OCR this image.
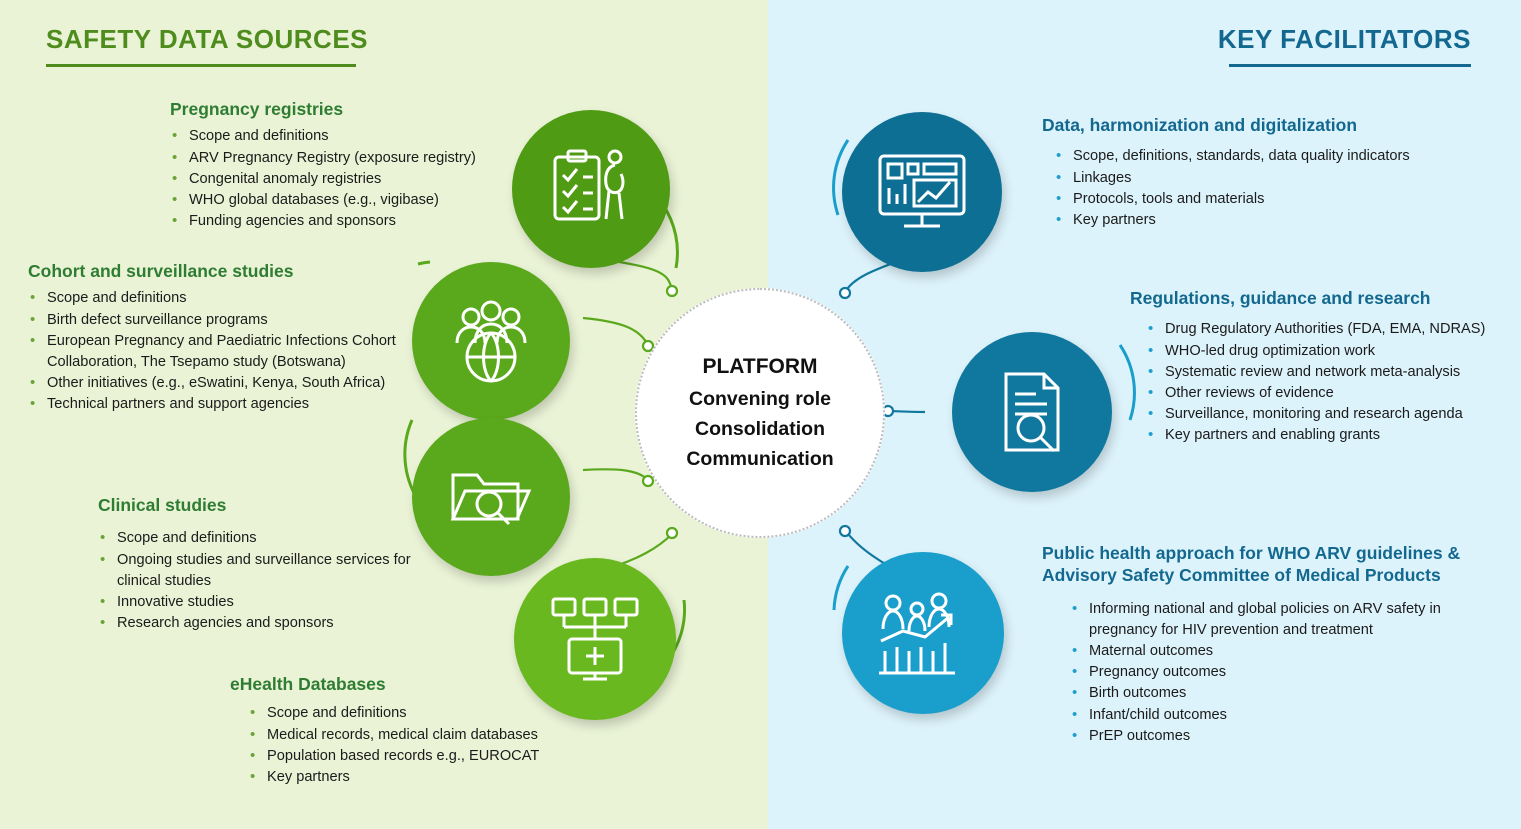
SAFETY DATA SOURCES	KEY FACILITATORS
Pregnancy registries
• Scope and definitions
• ARV Pregnancy Registry (exposure registry)
• Congenital anomaly registries
• WHO global databases (e.g., vigibase)
• Funding agencies and sponsors
Cohort and surveillance studies
• Scope and definitions
• Birth defect surveillance programs
• European Pregnancy and Paediatric Infections Cohort Collaboration, The Tsepamo study (Botswana)
• Other initiatives (e.g., eSwatini, Kenya, South Africa)
• Technical partners and support agencies
Clinical studies
• Scope and definitions
• Ongoing studies and surveillance services for clinical studies
• Innovative studies
• Research agencies and sponsors
eHealth Databases
• Scope and definitions
• Medical records, medical claim databases
• Population based records e.g., EUROCAT
• Key partners
Data, harmonization and digitalization
• Scope, definitions, standards, data quality indicators
• Linkages
• Protocols, tools and materials
• Key partners
Regulations, guidance and research
• Drug Regulatory Authorities (FDA, EMA, NDRAS)
• WHO-led drug optimization work
• Systematic review and network meta-analysis
• Other reviews of evidence
• Surveillance, monitoring and research agenda
• Key partners and enabling grants
Public health approach for WHO ARV guidelines & Advisory Safety Committee of Medical Products
• Informing national and global policies on ARV safety in pregnancy for HIV prevention and treatment
• Maternal outcomes
• Pregnancy outcomes
• Birth outcomes
• Infant/child outcomes
• PrEP outcomes
PLATFORM
Convening role
Consolidation
Communication
